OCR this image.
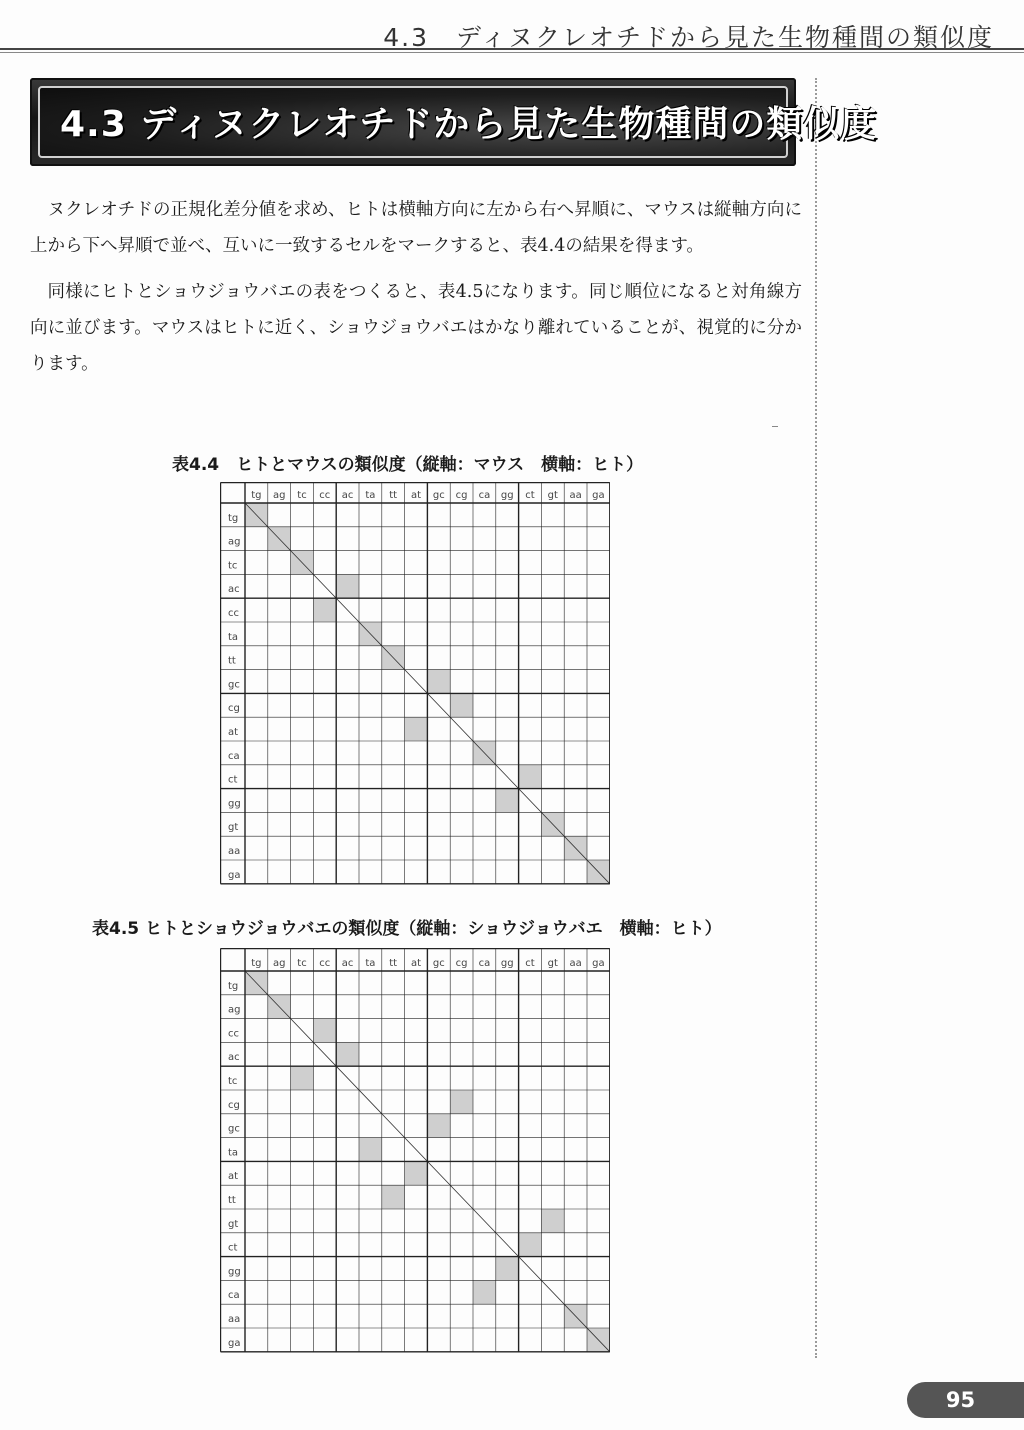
4.3　ディヌクレオチドから見た生物種間の類似度
4.3 ディヌクレオチドから見た生物種間の類似度

ヌクレオチドの正規化差分値を求め、ヒトは横軸方向に左から右へ昇順に、マウスは縦軸方向に上から下へ昇順で並べ、互いに一致するセルをマークすると、表4.4の結果を得ます。

同様にヒトとショウジョウバエの表をつくると、表4.5になります。同じ順位になると対角線方向に並びます。マウスはヒトに近く、ショウジョウバエはかなり離れていることが、視覚的に分かります。

表4.4　ヒトとマウスの類似度（縦軸：マウス　横軸：ヒト）
tg ag tc cc ac ta tt at gc cg ca gg ct gt aa ga
tg
ag
tc
ac
cc
ta
tt
gc
cg
at
ca
ct
gg
gt
aa
ga
表4.5 ヒトとショウジョウバエの類似度（縦軸：ショウジョウバエ　横軸：ヒト）
tg ag tc cc ac ta tt at gc cg ca gg ct gt aa ga
tg
ag
cc
ac
tc
cg
gc
ta
at
tt
gt
ct
gg
ca
aa
ga
95
